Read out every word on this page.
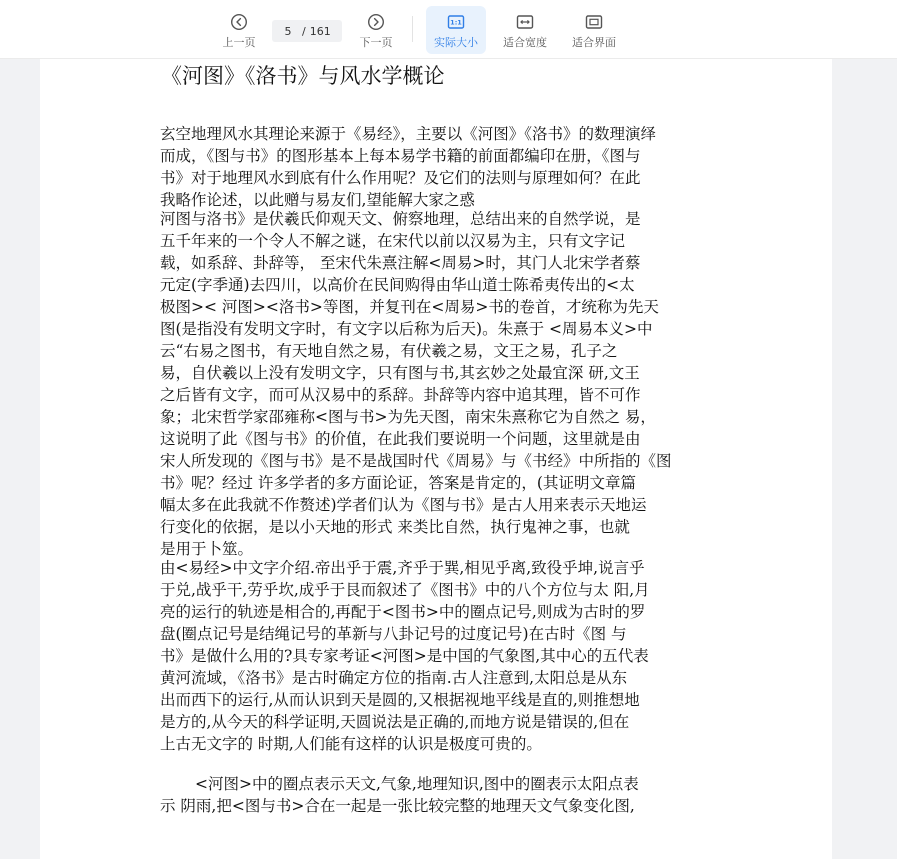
上一页
5
/ 161
下一页
1:1
实际大小 适合宽度 适合界面
《河图》《洛书》与风水学概论
玄空地理风水其理论来源于《易经》，主要以《河图》《洛书》的数理演绎
而成，《图与书》的图形基本上每本易学书籍的前面都编印在册，《图与
书》对于地理风水到底有什么作用呢？及它们的法则与原理如何？在此
我略作论述，以此赠与易友们,望能解大家之惑
河图与洛书》是伏羲氏仰观天文、俯察地理，总结出来的自然学说，是
五千年来的一个令人不解之谜，在宋代以前以汉易为主，只有文字记
载，如系辞、卦辞等， 至宋代朱熹注解<周易>时，其门人北宋学者蔡
元定(字季通)去四川，以高价在民间购得由华山道士陈希夷传出的<太
极图>< 河图><洛书>等图，并复刊在<周易>书的卷首，才统称为先天
图(是指没有发明文字时，有文字以后称为后天)。朱熹于 <周易本义>中
云“右易之图书，有天地自然之易，有伏羲之易，文王之易，孔子之
易，自伏羲以上没有发明文字，只有图与书,其玄妙之处最宜深 研,文王
之后皆有文字，而可从汉易中的系辞。卦辞等内容中追其理，皆不可作
象；北宋哲学家邵雍称<图与书>为先天图，南宋朱熹称它为自然之 易，
这说明了此《图与书》的价值，在此我们要说明一个问题，这里就是由
宋人所发现的《图与书》是不是战国时代《周易》与《书经》中所指的《图
书》呢？经过 许多学者的多方面论证，答案是肯定的，(其证明文章篇
幅太多在此我就不作赘述)学者们认为《图与书》是古人用来表示天地运
行变化的依据，是以小天地的形式 来类比自然，执行鬼神之事，也就
是用于卜筮。
由<易经>中文字介绍.帝出乎于震,齐乎于巽,相见乎离,致役乎坤,说言乎
于兑,战乎干,劳乎坎,成乎于艮而叙述了《图书》中的八个方位与太 阳,月
亮的运行的轨迹是相合的,再配于<图书>中的圈点记号,则成为古时的罗
盘(圈点记号是结绳记号的革新与八卦记号的过度记号)在古时《图 与
书》是做什么用的?具专家考证<河图>是中国的气象图,其中心的五代表
黄河流域，《洛书》是古时确定方位的指南.古人注意到,太阳总是从东
出而西下的运行,从而认识到天是圆的,又根据视地平线是直的,则推想地
是方的,从今天的科学证明,天圆说法是正确的,而地方说是错误的,但在
上古无文字的 时期,人们能有这样的认识是极度可贵的。
<河图>中的圈点表示天文,气象,地理知识,图中的圈表示太阳点表
示 阴雨,把<图与书>合在一起是一张比较完整的地理天文气象变化图,
